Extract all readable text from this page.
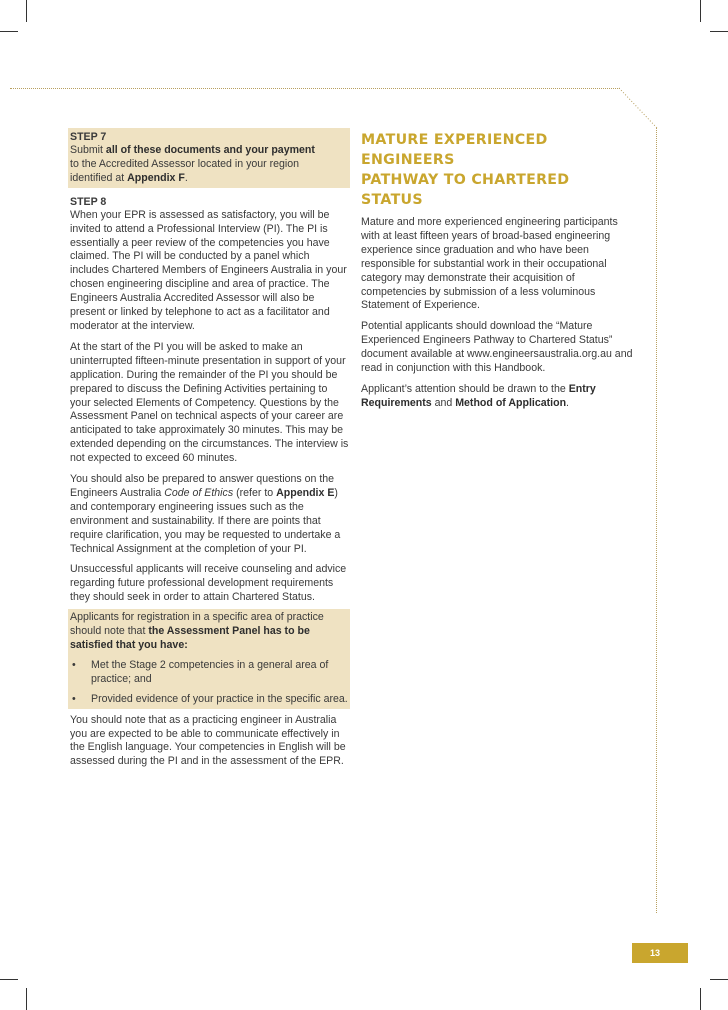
STEP 7

Submit all of these documents and your payment
to the Accredited Assessor located in your region
identified at Appendix F.

STEP 8

When your EPR is assessed as satisfactory, you will be invited to attend a Professional Interview (PI). The PI is essentially a peer review of the competencies you have claimed. The PI will be conducted by a panel which includes Chartered Members of Engineers Australia in your chosen engineering discipline and area of practice. The Engineers Australia Accredited Assessor will also be present or linked by telephone to act as a facilitator and moderator at the interview.

At the start of the PI you will be asked to make an uninterrupted fifteen-minute presentation in support of your application. During the remainder of the PI you should be prepared to discuss the Defining Activities pertaining to your selected Elements of Competency. Questions by the Assessment Panel on technical aspects of your career are anticipated to take approximately 30 minutes. This may be extended depending on the circumstances. The interview is not expected to exceed 60 minutes.

You should also be prepared to answer questions on the Engineers Australia Code of Ethics (refer to Appendix E) and contemporary engineering issues such as the environment and sustainability. If there are points that require clarification, you may be requested to undertake a Technical Assignment at the completion of your PI.

Unsuccessful applicants will receive counseling and advice regarding future professional development requirements they should seek in order to attain Chartered Status.

Applicants for registration in a specific area of practice should note that the Assessment Panel has to be satisfied that you have:

• Met the Stage 2 competencies in a general area of practice; and
• Provided evidence of your practice in the specific area.

You should note that as a practicing engineer in Australia you are expected to be able to communicate effectively in the English language. Your competencies in English will be assessed during the PI and in the assessment of the EPR.

MATURE EXPERIENCED ENGINEERS
PATHWAY TO CHARTERED STATUS

Mature and more experienced engineering participants with at least fifteen years of broad-based engineering experience since graduation and who have been responsible for substantial work in their occupational category may demonstrate their acquisition of competencies by submission of a less voluminous Statement of Experience.

Potential applicants should download the “Mature Experienced Engineers Pathway to Chartered Status” document available at www.engineersaustralia.org.au and read in conjunction with this Handbook.

Applicant’s attention should be drawn to the Entry Requirements and Method of Application.

13
